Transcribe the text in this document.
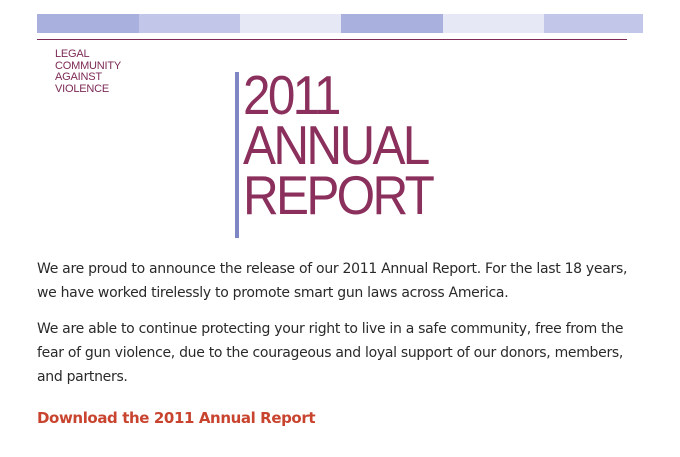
LEGAL
COMMUNITY
AGAINST
VIOLENCE	2011
ANNUAL
REPORT

We are proud to announce the release of our 2011 Annual Report. For the last 18 years, we have worked tirelessly to promote smart gun laws across America.

We are able to continue protecting your right to live in a safe community, free from the fear of gun violence, due to the courageous and loyal support of our donors, members, and partners.

Download the 2011 Annual Report
